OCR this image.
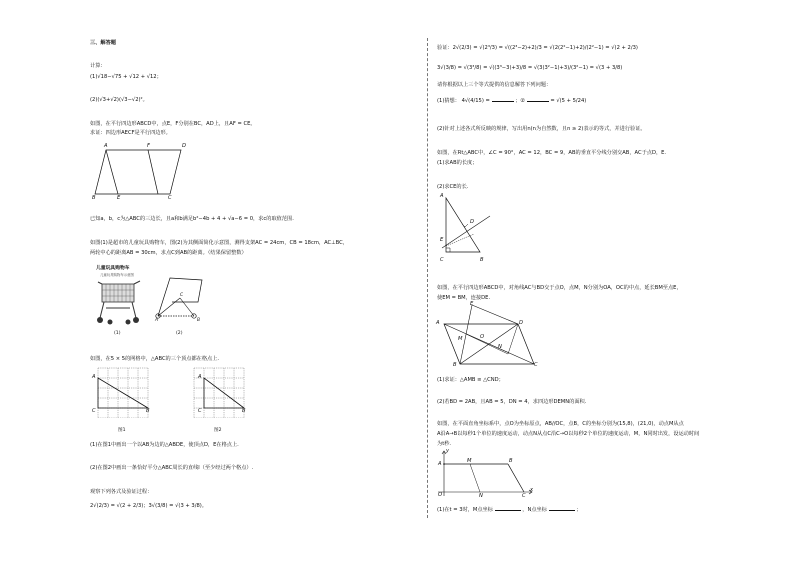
三、解答题
计算：
(1)√18−√75 + √12 + √12；
(2)(√3+√2)(√3−√2)²。
如图，在平行四边形ABCD中，点E，F分别在BC，AD上，且AF = CE。
求证：四边形AECF是平行四边形。
A	F	D
B	E	C
已知a，b，c为△ABC的三边长，且a和b满足b²−4b + 4 + √a−6 = 0，求c的取值范围.
如图(1)是超市的儿童玩具购物车，图(2)为其侧面简化示意图，测得支架AC = 24cm，CB = 18cm，AC⊥BC，
两轮中心的距离AB = 30cm，求点C到AB的距离。（结果保留整数）
儿童玩具购物车
儿童玩具购物车示意图
(1)
A
C
B
(2)
如图，在5 × 5的网格中，△ABC的三个顶点都在格点上.
A
C	B
图1
A
C	B
图2
(1)在图1中画出一个以AB为边的△ABDE，使顶点D，E在格点上.
(2)在图2中画出一条恰好平分△ABC周长的直线l（至少经过两个格点）.
观察下列各式及验证过程：
2√(2/3) = √(2 + 2/3)；3√(3/8) = √(3 + 3/8)。
验证：2√(2/3) = √(2³/3) = √((2³−2)+2)/3 = √(2(2²−1)+2)/(2²−1) = √(2 + 2/3)
3√(3/8) = √(3³/8) = √((3³−3)+3)/8 = √(3(3²−1)+3)/(3²−1) = √(3 + 3/8)
请你根据以上三个等式提供的信息解答下列问题：
(1)猜想： 4√(4/15) =	；②	= √(5 + 5/24)
(2)针对上述各式所反映的规律，写出用n(n为自然数，且n ≥ 2)表示的等式，并进行验证。
如图，在Rt△ABC中，∠C = 90°，AC = 12，BC = 9，AB的垂直平分线分别交AB，AC于点D，E.
(1)求AB的长度；
(2)求CE的长.
A
D
E
C	B
如图，在平行四边形ABCD中，对角线AC与BD交于点O，点M，N分别为OA，OC的中点，延长BM至点E，
使EM = BM，连接DE.
E
A	D
M	O
N
B	C
(1)求证：△AMB ≅ △CND；
(2)若BD = 2AB，且AB = 5，DN = 4，求四边形DEMN的面积.
如图，在平面直角坐标系中，点O为坐标原点，AB//OC，点B，C的坐标分别为(15,8)，(21,0)，动点M从点
A沿A→B以每秒1个单位的速度运动，动点N从点C沿C→O以每秒2个单位的速度运动，M，N同时出发，设运动时间
为t秒.
y
A	M	B
O	N	C
x
(1)在t = 3时，M点坐标	，N点坐标	；
